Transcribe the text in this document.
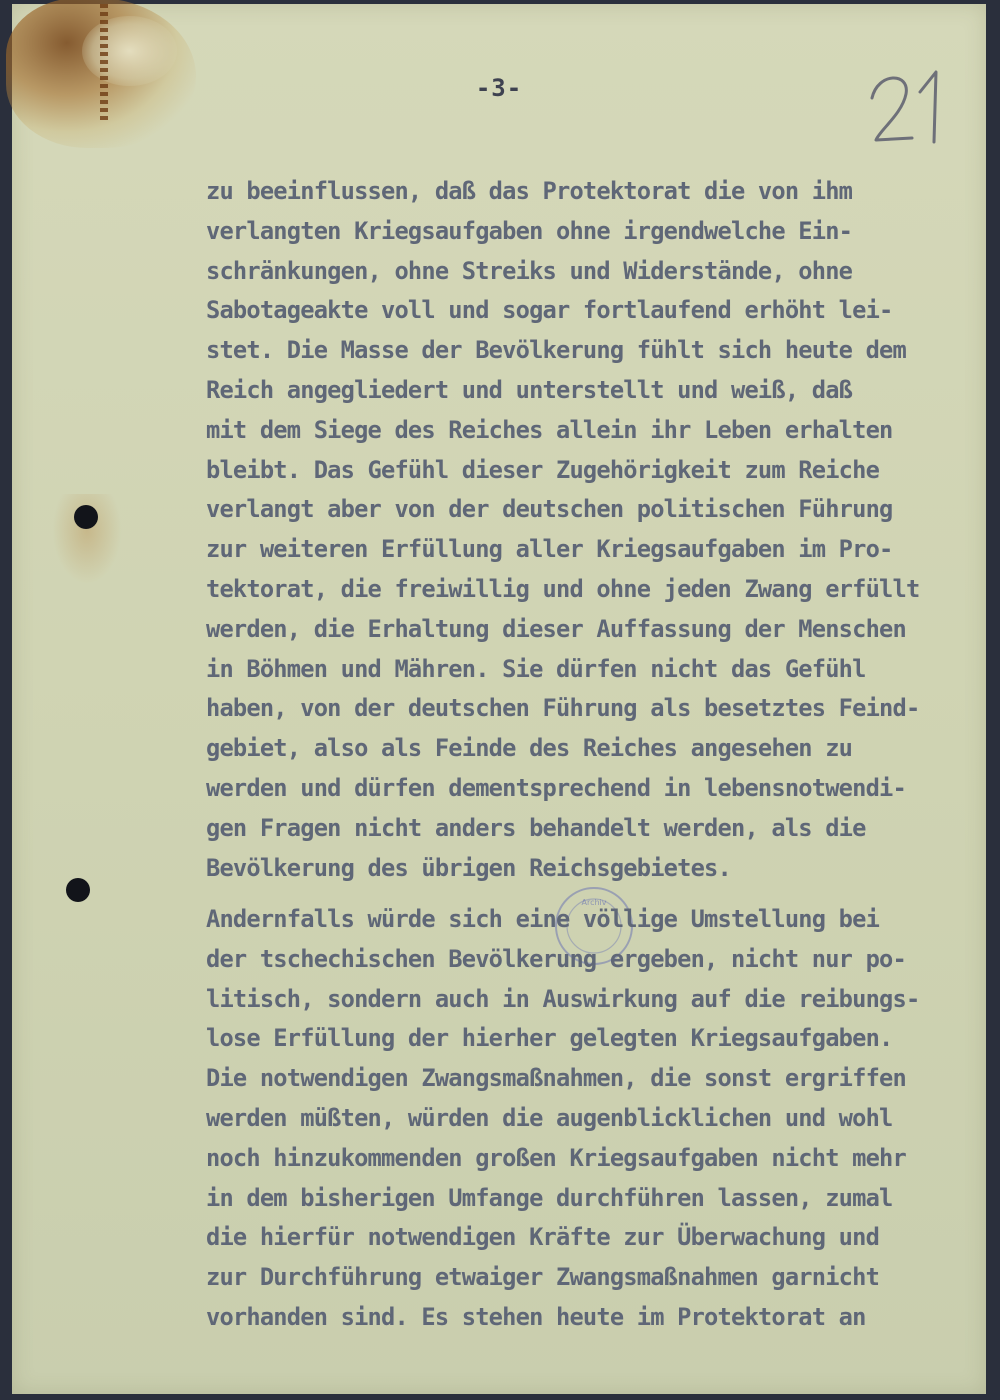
-3-
Archiv

zu beeinflussen, daß das Protektorat die von ihm
verlangten Kriegsaufgaben ohne irgendwelche Ein-
schränkungen, ohne Streiks und Widerstände, ohne
Sabotageakte voll und sogar fortlaufend erhöht lei-
stet. Die Masse der Bevölkerung fühlt sich heute dem
Reich angegliedert und unterstellt und weiß, daß
mit dem Siege des Reiches allein ihr Leben erhalten
bleibt. Das Gefühl dieser Zugehörigkeit zum Reiche
verlangt aber von der deutschen politischen Führung
zur weiteren Erfüllung aller Kriegsaufgaben im Pro-
tektorat, die freiwillig und ohne jeden Zwang erfüllt
werden, die Erhaltung dieser Auffassung der Menschen
in Böhmen und Mähren. Sie dürfen nicht das Gefühl
haben, von der deutschen Führung als besetztes Feind-
gebiet, also als Feinde des Reiches angesehen zu
werden und dürfen dementsprechend in lebensnotwendi-
gen Fragen nicht anders behandelt werden, als die
Bevölkerung des übrigen Reichsgebietes.

Andernfalls würde sich eine völlige Umstellung bei
der tschechischen Bevölkerung ergeben, nicht nur po-
litisch, sondern auch in Auswirkung auf die reibungs-
lose Erfüllung der hierher gelegten Kriegsaufgaben.
Die notwendigen Zwangsmaßnahmen, die sonst ergriffen
werden müßten, würden die augenblicklichen und wohl
noch hinzukommenden großen Kriegsaufgaben nicht mehr
in dem bisherigen Umfange durchführen lassen, zumal
die hierfür notwendigen Kräfte zur Überwachung und
zur Durchführung etwaiger Zwangsmaßnahmen garnicht
vorhanden sind. Es stehen heute im Protektorat an
